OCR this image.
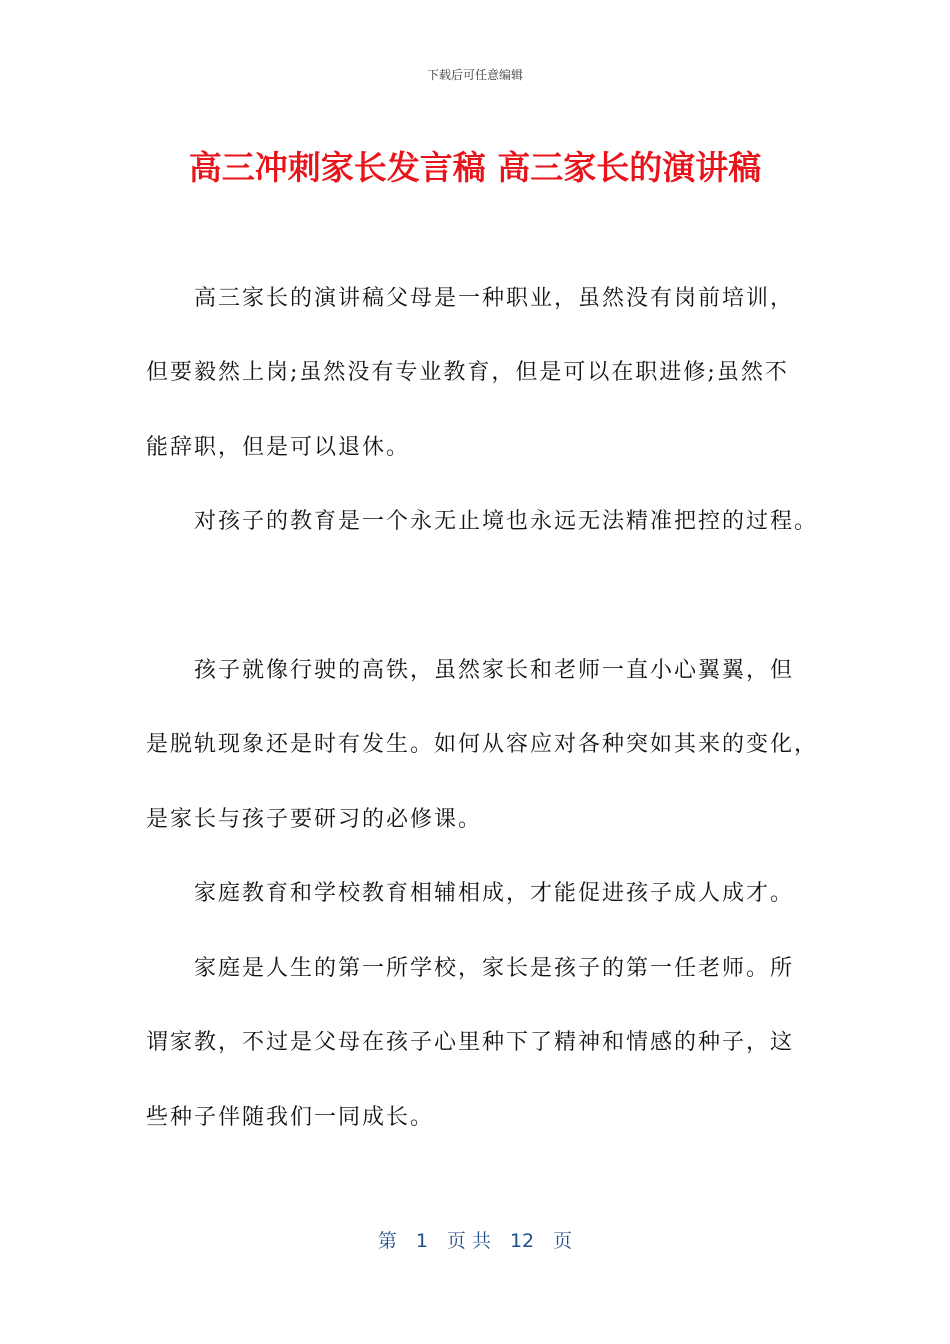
下载后可任意编辑
高三冲刺家长发言稿 高三家长的演讲稿
　　高三家长的演讲稿父母是一种职业，虽然没有岗前培训，
但要毅然上岗;虽然没有专业教育，但是可以在职进修;虽然不
能辞职，但是可以退休。
　　对孩子的教育是一个永无止境也永远无法精准把控的过程。
　　孩子就像行驶的高铁，虽然家长和老师一直小心翼翼，但
是脱轨现象还是时有发生。如何从容应对各种突如其来的变化，
是家长与孩子要研习的必修课。
　　家庭教育和学校教育相辅相成，才能促进孩子成人成才。
　　家庭是人生的第一所学校，家长是孩子的第一任老师。所
谓家教，不过是父母在孩子心里种下了精神和情感的种子，这
些种子伴随我们一同成长。
第　1　页 共　12　页
